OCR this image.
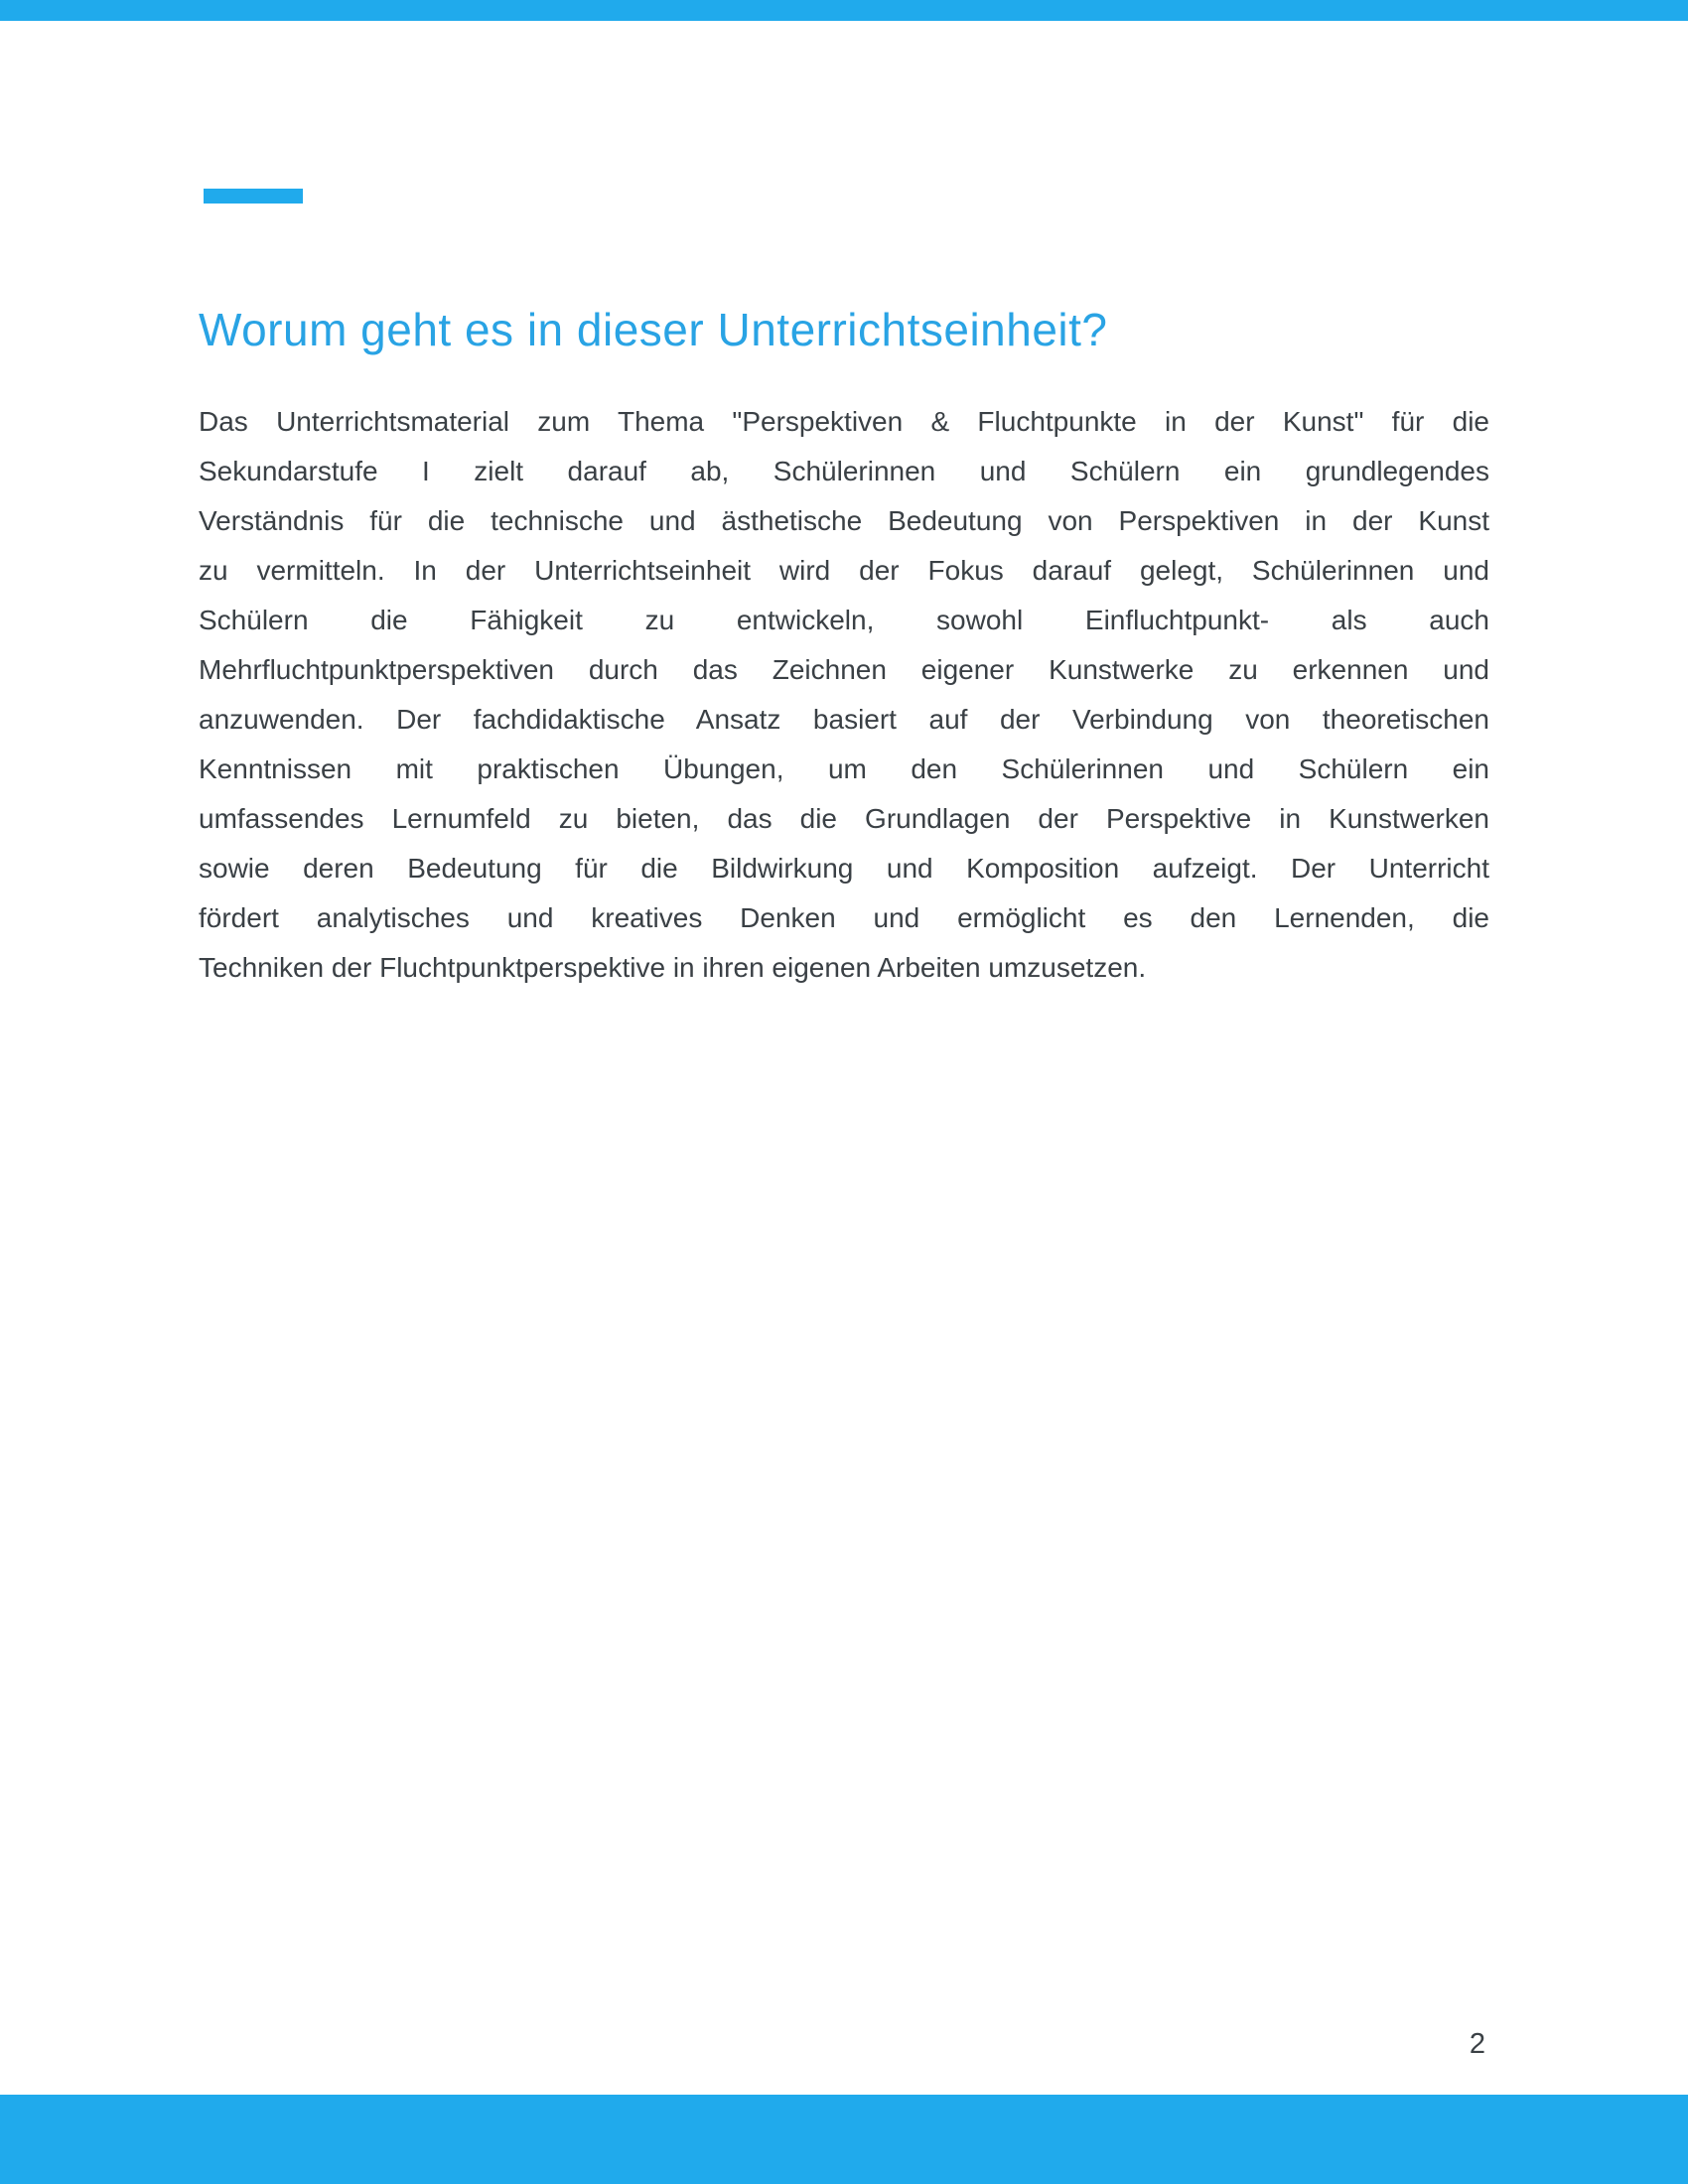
Worum geht es in dieser Unterrichtseinheit?
Das Unterrichtsmaterial zum Thema "Perspektiven & Fluchtpunkte in der Kunst" für die
Sekundarstufe I zielt darauf ab, Schülerinnen und Schülern ein grundlegendes
Verständnis für die technische und ästhetische Bedeutung von Perspektiven in der Kunst
zu vermitteln. In der Unterrichtseinheit wird der Fokus darauf gelegt, Schülerinnen und
Schülern die Fähigkeit zu entwickeln, sowohl Einfluchtpunkt- als auch
Mehrfluchtpunktperspektiven durch das Zeichnen eigener Kunstwerke zu erkennen und
anzuwenden. Der fachdidaktische Ansatz basiert auf der Verbindung von theoretischen
Kenntnissen mit praktischen Übungen, um den Schülerinnen und Schülern ein
umfassendes Lernumfeld zu bieten, das die Grundlagen der Perspektive in Kunstwerken
sowie deren Bedeutung für die Bildwirkung und Komposition aufzeigt. Der Unterricht
fördert analytisches und kreatives Denken und ermöglicht es den Lernenden, die
Techniken der Fluchtpunktperspektive in ihren eigenen Arbeiten umzusetzen.
2
